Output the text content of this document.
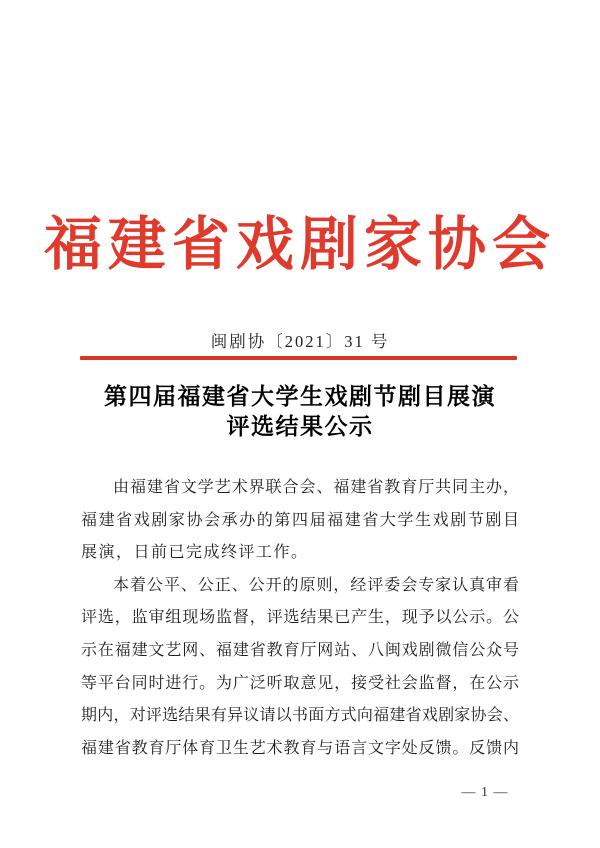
福建省戏剧家协会
闽剧协〔2021〕31 号
第四届福建省大学生戏剧节剧目展演
评选结果公示
由福建省文学艺术界联合会、福建省教育厅共同主办，
福建省戏剧家协会承办的第四届福建省大学生戏剧节剧目
展演，日前已完成终评工作。
本着公平、公正、公开的原则，经评委会专家认真审看
评选，监审组现场监督，评选结果已产生，现予以公示。公
示在福建文艺网、福建省教育厅网站、八闽戏剧微信公众号
等平台同时进行。为广泛听取意见，接受社会监督，在公示
期内，对评选结果有异议请以书面方式向福建省戏剧家协会、
福建省教育厅体育卫生艺术教育与语言文字处反馈。反馈内
— 1 —
